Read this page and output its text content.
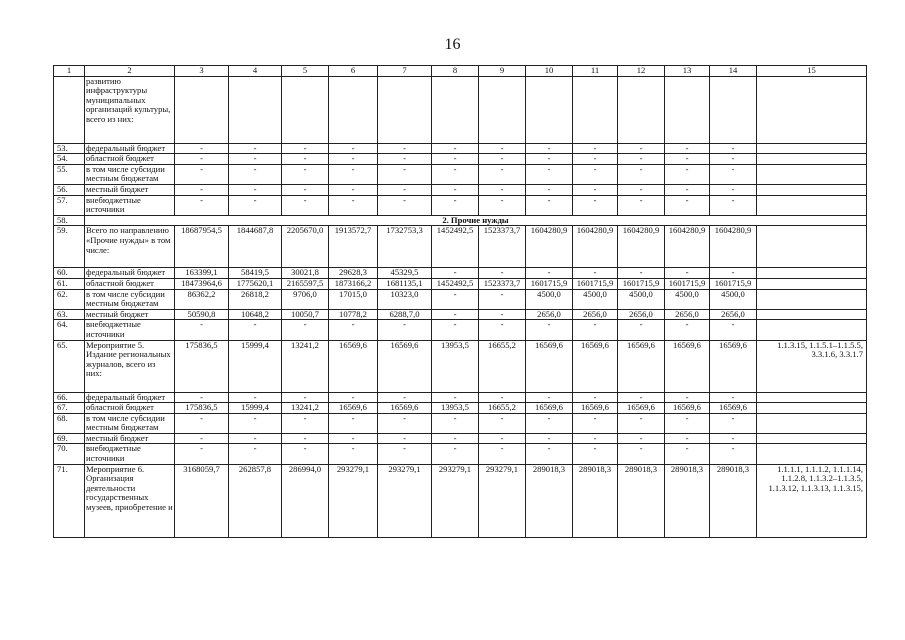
16
1	2	3	4	5	6	7	8	9	10	11	12	13	14	15
	развитию инфраструктуры муниципальных организаций культуры, всего из них:													
53.	федеральный бюджет	-	-	-	-	-	-	-	-	-	-	-	-	
54.	областной бюджет	-	-	-	-	-	-	-	-	-	-	-	-	
55.	в том числе субсидии местным бюджетам	-	-	-	-	-	-	-	-	-	-	-	-	
56.	местный бюджет	-	-	-	-	-	-	-	-	-	-	-	-	
57.	внебюджетные источники	-	-	-	-	-	-	-	-	-	-	-	-	
58.	2. Прочие нужды													
59.	Всего по направлению «Прочие нужды» в том числе:	18687954,5	1844687,8	2205670,0	1913572,7	1732753,3	1452492,5	1523373,7	1604280,9	1604280,9	1604280,9	1604280,9	1604280,9	
60.	федеральный бюджет	163399,1	58419,5	30021,8	29628,3	45329,5	-	-	-	-	-	-	-	
61.	областной бюджет	18473964,6	1775620,1	2165597,5	1873166,2	1681135,1	1452492,5	1523373,7	1601715,9	1601715,9	1601715,9	1601715,9	1601715,9	
62.	в том числе субсидии местным бюджетам	86362,2	26818,2	9706,0	17015,0	10323,0	-	-	4500,0	4500,0	4500,0	4500,0	4500,0	
63.	местный бюджет	50590,8	10648,2	10050,7	10778,2	6288,7,0	-	-	2656,0	2656,0	2656,0	2656,0	2656,0	
64.	внебюджетные источники	-	-	-	-	-	-	-	-	-	-	-	-	
65.	Мероприятие 5. Издание региональных журналов, всего из них:	175836,5	15999,4	13241,2	16569,6	16569,6	13953,5	16655,2	16569,6	16569,6	16569,6	16569,6	16569,6	1.1.3.15, 1.1.5.1–1.1.5.5, 3.3.1.6, 3.3.1.7
66.	федеральный бюджет	-	-	-	-	-	-	-	-	-	-	-	-	
67.	областной бюджет	175836,5	15999,4	13241,2	16569,6	16569,6	13953,5	16655,2	16569,6	16569,6	16569,6	16569,6	16569,6	
68.	в том числе субсидии местным бюджетам	-	-	-	-	-	-	-	-	-	-	-	-	
69.	местный бюджет	-	-	-	-	-	-	-	-	-	-	-	-	
70.	внебюджетные источники	-	-	-	-	-	-	-	-	-	-	-	-	
71.	Мероприятие 6. Организация деятельности государственных музеев, приобретение и	3168059,7	262857,8	286994,0	293279,1	293279,1	293279,1	293279,1	289018,3	289018,3	289018,3	289018,3	289018,3	1.1.1.1, 1.1.1.2, 1.1.1.14, 1.1.2.8, 1.1.3.2–1.1.3.5, 1.1.3.12, 1.1.3.13, 1.1.3.15,
